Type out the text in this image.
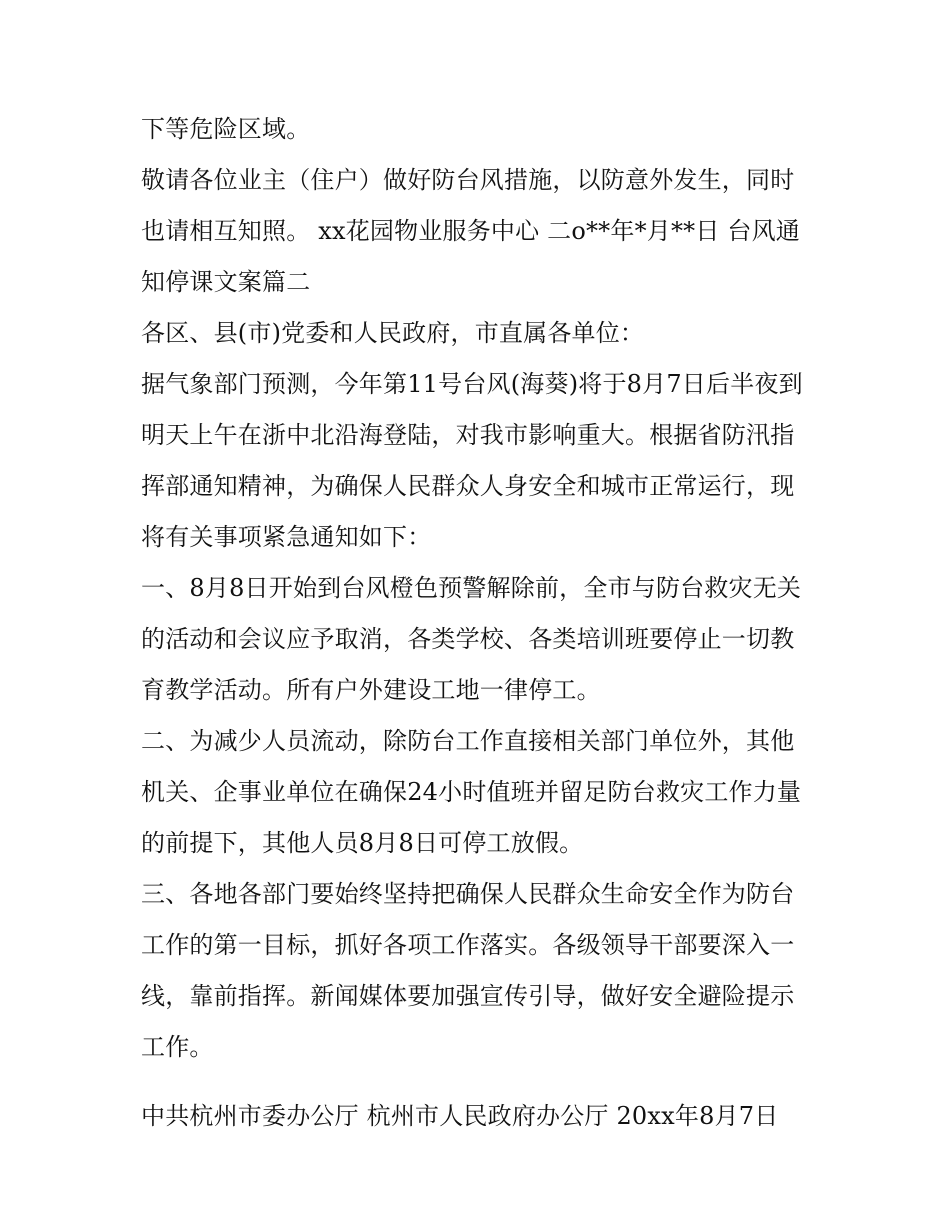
下等危险区域。

敬请各位业主（住户）做好防台风措施，以防意外发生，同时也请相互知照。 xx花园物业服务中心 二o**年*月**日 台风通知停课文案篇二

各区、县(市)党委和人民政府，市直属各单位：

据气象部门预测，今年第11号台风(海葵)将于8月7日后半夜到明天上午在浙中北沿海登陆，对我市影响重大。根据省防汛指挥部通知精神，为确保人民群众人身安全和城市正常运行，现将有关事项紧急通知如下：

一、8月8日开始到台风橙色预警解除前，全市与防台救灾无关的活动和会议应予取消，各类学校、各类培训班要停止一切教育教学活动。所有户外建设工地一律停工。

二、为减少人员流动，除防台工作直接相关部门单位外，其他机关、企事业单位在确保24小时值班并留足防台救灾工作力量的前提下，其他人员8月8日可停工放假。

三、各地各部门要始终坚持把确保人民群众生命安全作为防台工作的第一目标，抓好各项工作落实。各级领导干部要深入一线，靠前指挥。新闻媒体要加强宣传引导，做好安全避险提示工作。

中共杭州市委办公厅 杭州市人民政府办公厅 20xx年8月7日
